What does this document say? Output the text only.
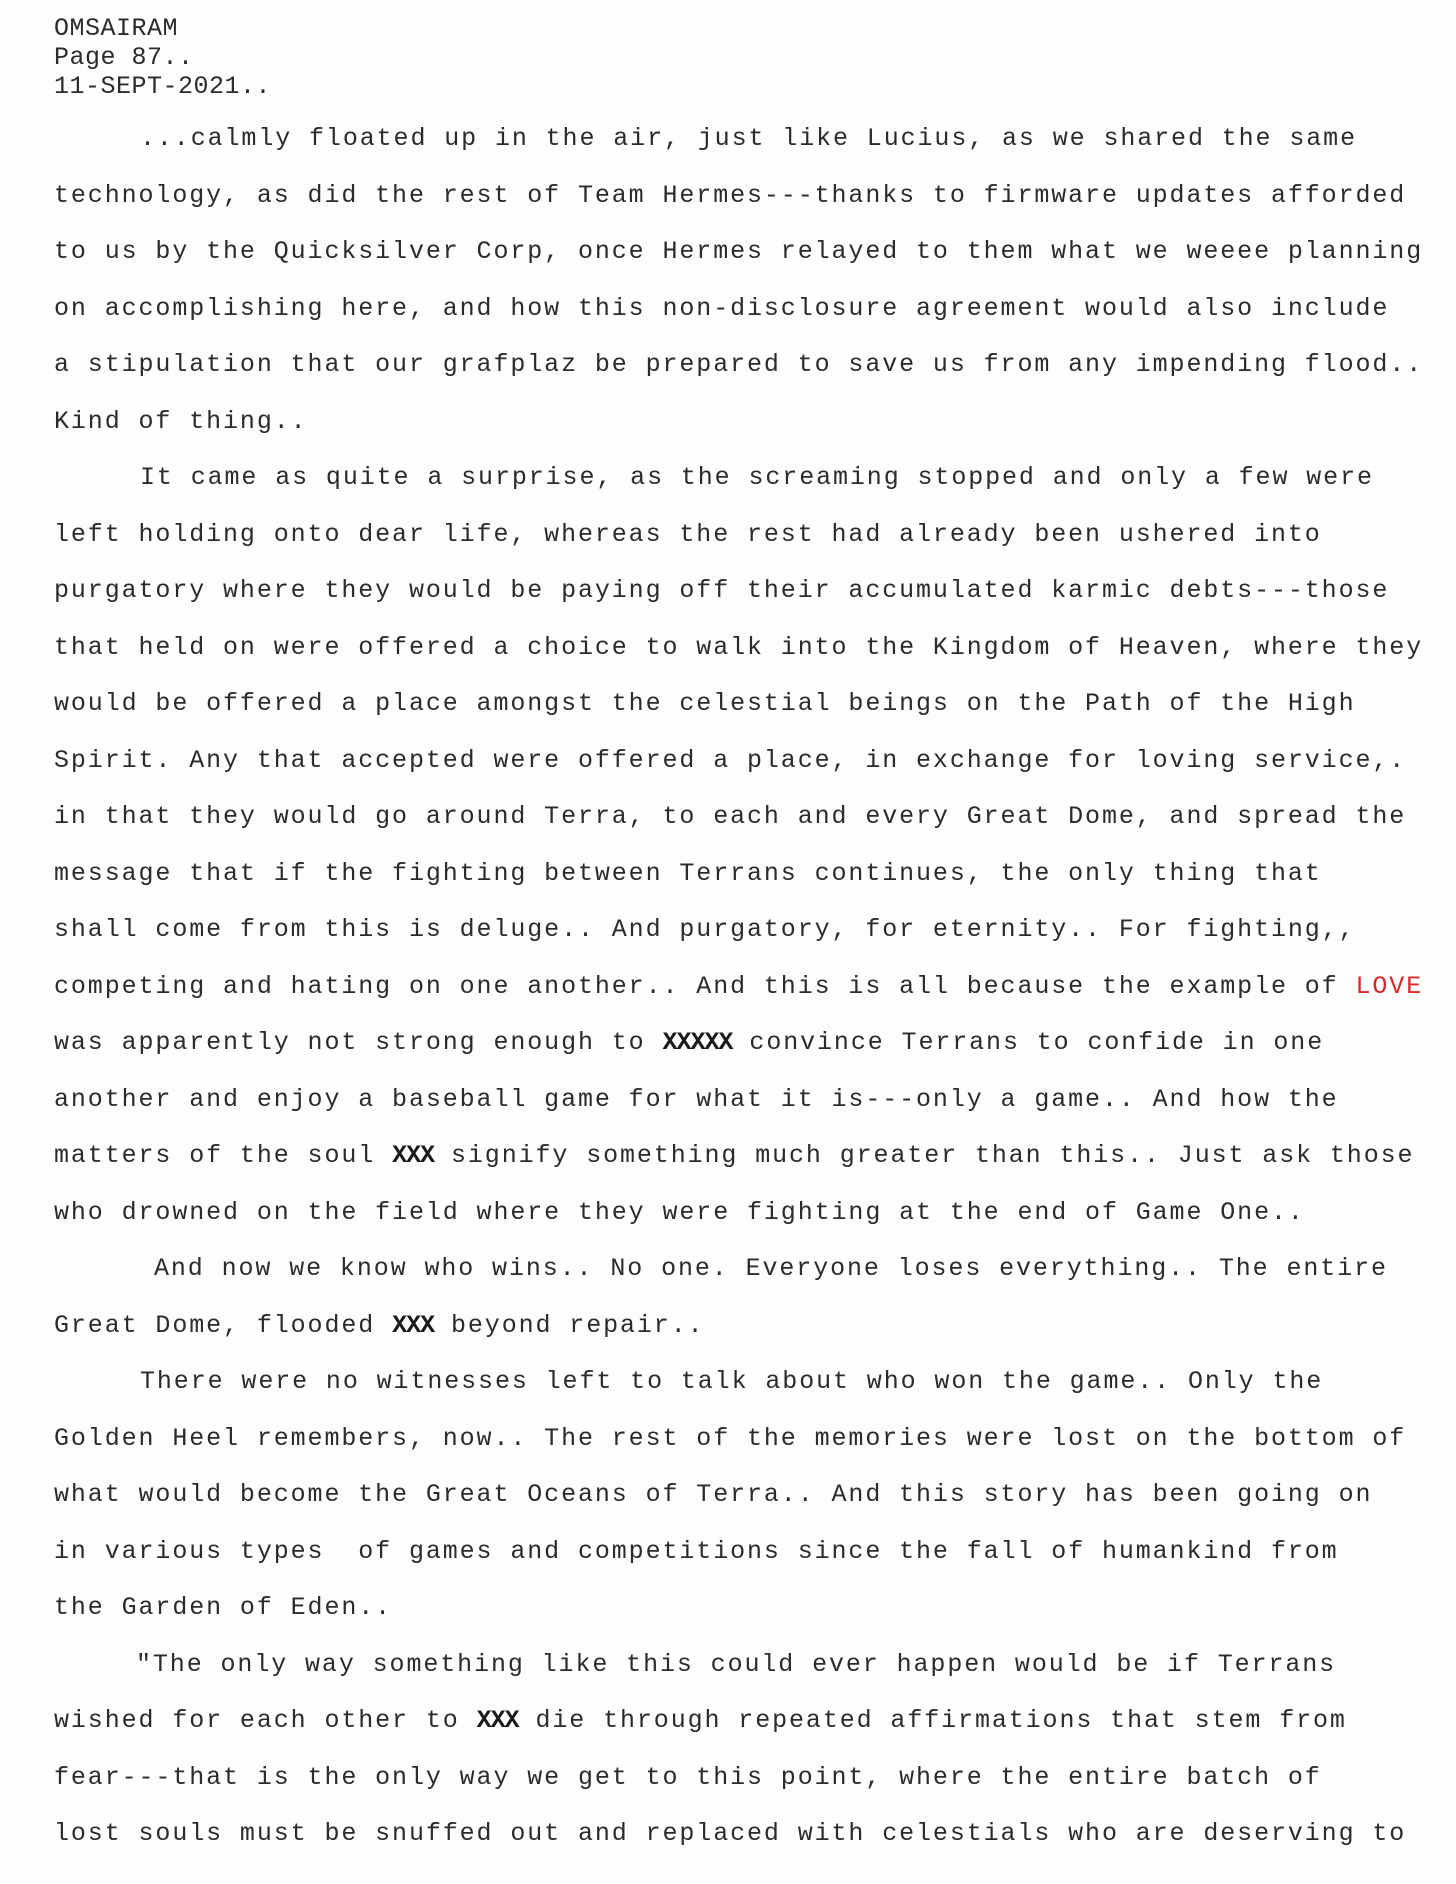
OMSAIRAM
Page 87..
11-SEPT-2021..
...calmly floated up in the air, just like Lucius, as we shared the same
technology, as did the rest of Team Hermes---thanks to firmware updates afforded
to us by the Quicksilver Corp, once Hermes relayed to them what we weeee planning
on accomplishing here, and how this non-disclosure agreement would also include
a stipulation that our grafplaz be prepared to save us from any impending flood..
Kind of thing..
It came as quite a surprise, as the screaming stopped and only a few were
left holding onto dear life, whereas the rest had already been ushered into
purgatory where they would be paying off their accumulated karmic debts---those
that held on were offered a choice to walk into the Kingdom of Heaven, where they
would be offered a place amongst the celestial beings on the Path of the High
Spirit. Any that accepted were offered a place, in exchange for loving service,.
in that they would go around Terra, to each and every Great Dome, and spread the
message that if the fighting between Terrans continues, the only thing that
shall come from this is deluge.. And purgatory, for eternity.. For fighting,,
competing and hating on one another.. And this is all because the example of LOVE
was apparently not strong enough to XXXXX convince Terrans to confide in one
another and enjoy a baseball game for what it is---only a game.. And how the
matters of the soul XXX signify something much greater than this.. Just ask those
who drowned on the field where they were fighting at the end of Game One..
And now we know who wins.. No one. Everyone loses everything.. The entire
Great Dome, flooded XXX beyond repair..
There were no witnesses left to talk about who won the game.. Only the
Golden Heel remembers, now.. The rest of the memories were lost on the bottom of
what would become the Great Oceans of Terra.. And this story has been going on
in various types  of games and competitions since the fall of humankind from
the Garden of Eden..
"The only way something like this could ever happen would be if Terrans
wished for each other to XXX die through repeated affirmations that stem from
fear---that is the only way we get to this point, where the entire batch of
lost souls must be snuffed out and replaced with celestials who are deserving to
